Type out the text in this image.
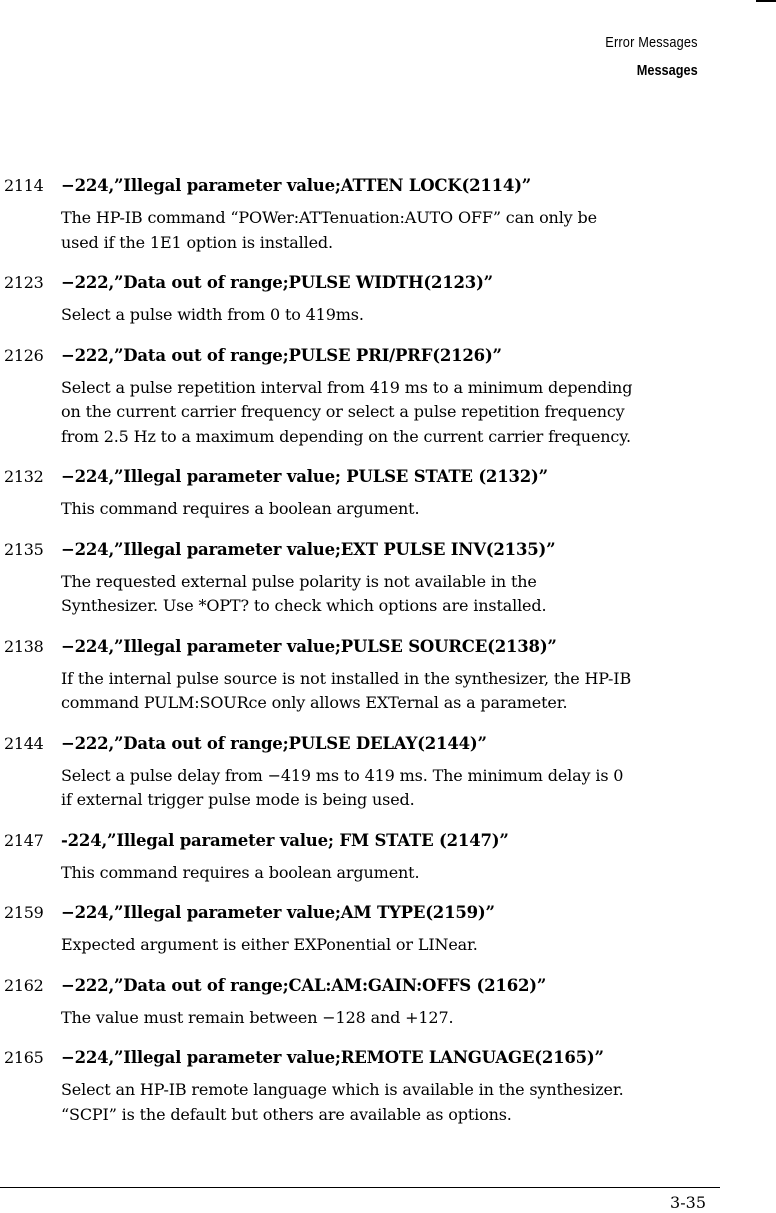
Error Messages
Messages
2114 −224,”Illegal parameter value;ATTEN LOCK(2114)”
The HP-IB command “POWer:ATTenuation:AUTO OFF” can only be
used if the 1E1 option is installed.
2123 −222,”Data out of range;PULSE WIDTH(2123)”
Select a pulse width from 0 to 419ms.
2126 −222,”Data out of range;PULSE PRI/PRF(2126)”
Select a pulse repetition interval from 419 ms to a minimum depending
on the current carrier frequency or select a pulse repetition frequency
from 2.5 Hz to a maximum depending on the current carrier frequency.
2132 −224,”Illegal parameter value; PULSE STATE (2132)”
This command requires a boolean argument.
2135 −224,”Illegal parameter value;EXT PULSE INV(2135)”
The requested external pulse polarity is not available in the
Synthesizer. Use *OPT? to check which options are installed.
2138 −224,”Illegal parameter value;PULSE SOURCE(2138)”
If the internal pulse source is not installed in the synthesizer, the HP-IB
command PULM:SOURce only allows EXTernal as a parameter.
2144 −222,”Data out of range;PULSE DELAY(2144)”
Select a pulse delay from −419 ms to 419 ms. The minimum delay is 0
if external trigger pulse mode is being used.
2147 -224,”Illegal parameter value; FM STATE (2147)”
This command requires a boolean argument.
2159 −224,”Illegal parameter value;AM TYPE(2159)”
Expected argument is either EXPonential or LINear.
2162 −222,”Data out of range;CAL:AM:GAIN:OFFS (2162)”
The value must remain between −128 and +127.
2165 −224,”Illegal parameter value;REMOTE LANGUAGE(2165)”
Select an HP-IB remote language which is available in the synthesizer.
“SCPI” is the default but others are available as options.
3-35
